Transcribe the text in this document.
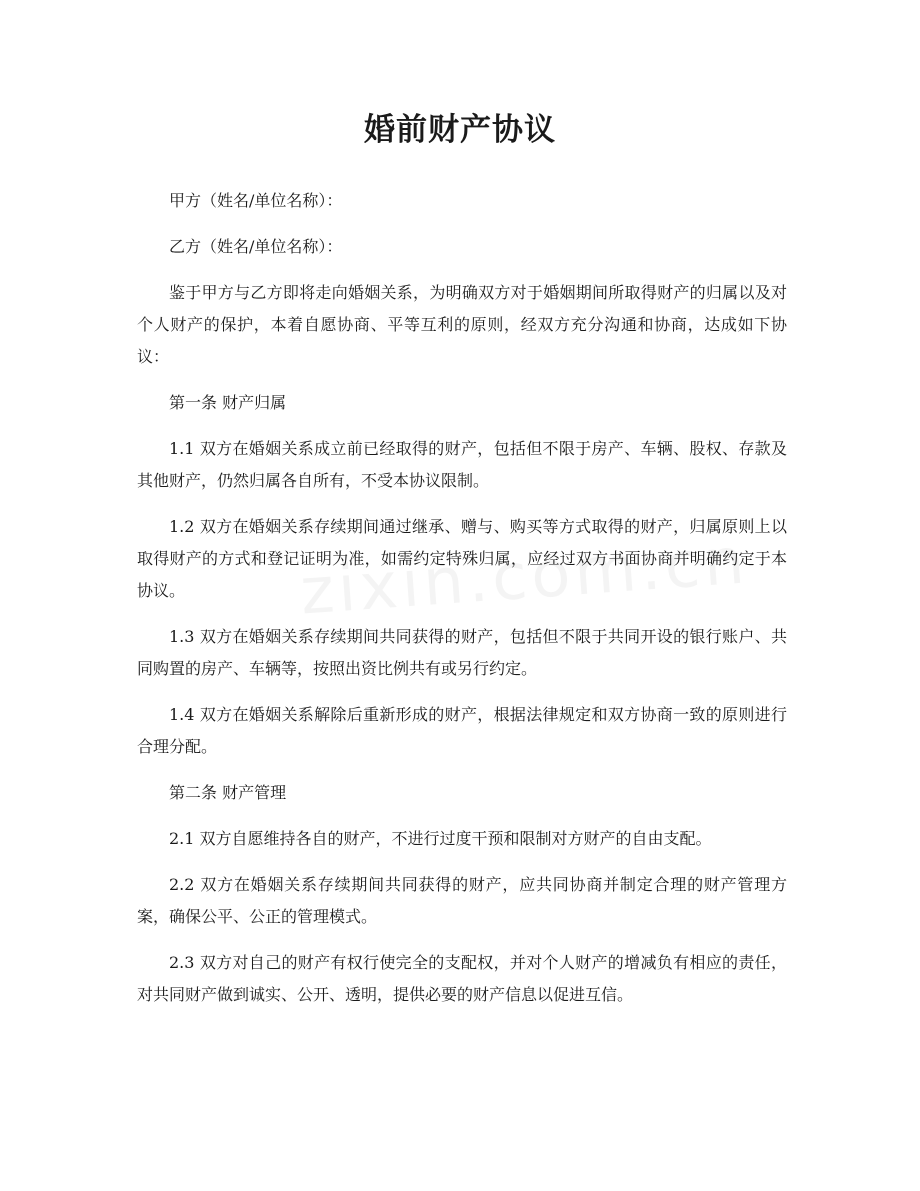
婚前财产协议

甲方（姓名/单位名称）：

乙方（姓名/单位名称）：

鉴于甲方与乙方即将走向婚姻关系，为明确双方对于婚姻期间所取得财产的归属以及对个人财产的保护，本着自愿协商、平等互利的原则，经双方充分沟通和协商，达成如下协议：

第一条 财产归属

1.1 双方在婚姻关系成立前已经取得的财产，包括但不限于房产、车辆、股权、存款及其他财产，仍然归属各自所有，不受本协议限制。

1.2 双方在婚姻关系存续期间通过继承、赠与、购买等方式取得的财产，归属原则上以取得财产的方式和登记证明为准，如需约定特殊归属，应经过双方书面协商并明确约定于本协议。

1.3 双方在婚姻关系存续期间共同获得的财产，包括但不限于共同开设的银行账户、共同购置的房产、车辆等，按照出资比例共有或另行约定。

1.4 双方在婚姻关系解除后重新形成的财产，根据法律规定和双方协商一致的原则进行合理分配。

第二条 财产管理

2.1 双方自愿维持各自的财产，不进行过度干预和限制对方财产的自由支配。

2.2 双方在婚姻关系存续期间共同获得的财产，应共同协商并制定合理的财产管理方案，确保公平、公正的管理模式。

2.3 双方对自己的财产有权行使完全的支配权，并对个人财产的增减负有相应的责任，对共同财产做到诚实、公开、透明，提供必要的财产信息以促进互信。
